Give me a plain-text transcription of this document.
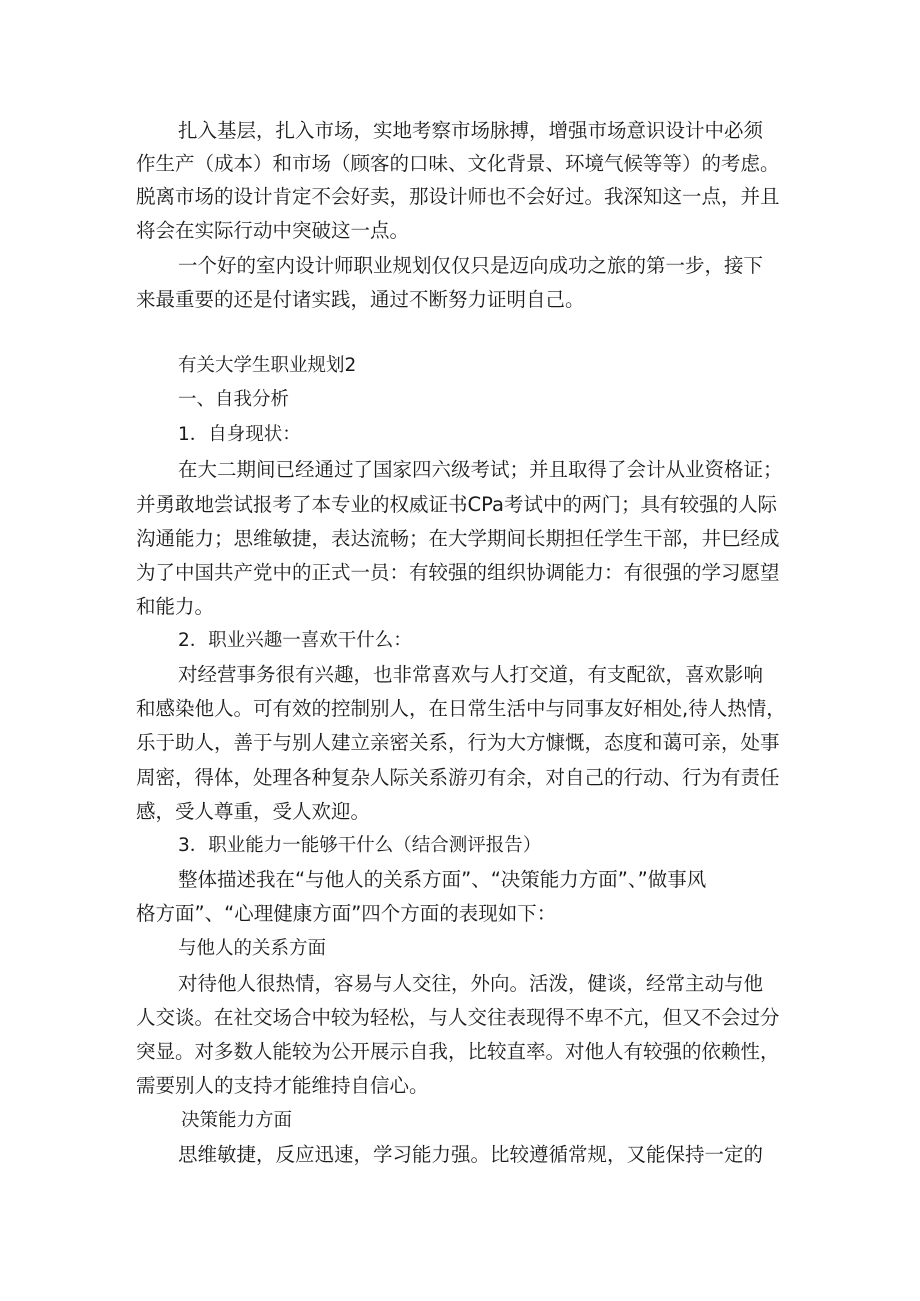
扎入基层，扎入市场，实地考察市场脉搏，增强市场意识设计中必须

作生产（成本）和市场（顾客的口味、文化背景、环境气候等等）的考虑。

脱离市场的设计肯定不会好卖，那设计师也不会好过。我深知这一点，并且

将会在实际行动中突破这一点。

一个好的室内设计师职业规划仅仅只是迈向成功之旅的第一步，接下

来最重要的还是付诸实践，通过不断努力证明自己。

有关大学生职业规划2

一、自我分析

1．自身现状：

在大二期间已经通过了国家四六级考试；并且取得了会计从业资格证；

并勇敢地尝试报考了本专业的权威证书CPa考试中的两门；具有较强的人际

沟通能力；思维敏捷，表达流畅；在大学期间长期担任学生干部，井巳经成

为了中国共产党中的正式一员：有较强的组织协调能力：有很强的学习愿望

和能力。

2．职业兴趣一喜欢干什么：

对经营事务很有兴趣，也非常喜欢与人打交道，有支配欲，喜欢影响

和感染他人。可有效的控制别人，在日常生活中与同事友好相处,待人热情，

乐于助人，善于与别人建立亲密关系，行为大方慷慨，态度和蔼可亲，处事

周密，得体，处理各种复杂人际关系游刃有余，对自己的行动、行为有责任

感，受人尊重，受人欢迎。

3．职业能力一能够干什么（结合测评报告）

整体描述我在“与他人的关系方面”、“决策能力方面”、”做事风

格方面”、“心理健康方面”四个方面的表现如下：

与他人的关系方面

对待他人很热情，容易与人交往，外向。活泼，健谈，经常主动与他

人交谈。在社交场合中较为轻松，与人交往表现得不卑不亢，但又不会过分

突显。对多数人能较为公开展示自我，比较直率。对他人有较强的依赖性，

需要别人的支持才能维持自信心。

决策能力方面

思维敏捷，反应迅速，学习能力强。比较遵循常规，又能保持一定的
